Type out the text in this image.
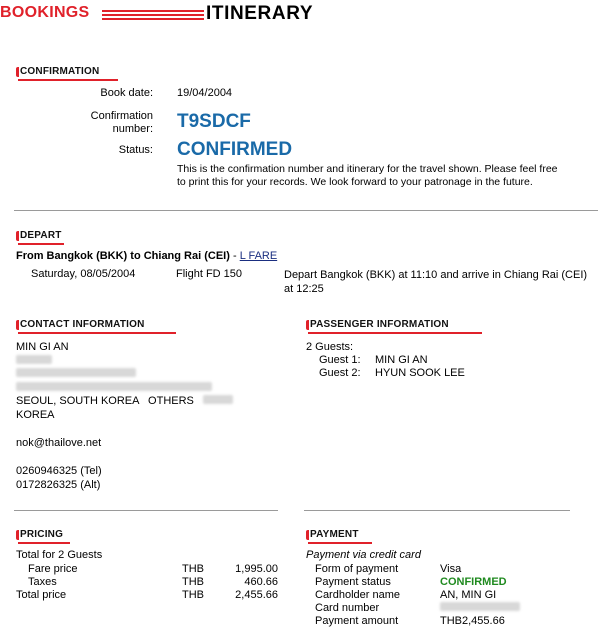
BOOKINGS	ITINERARY
CONFIRMATION
Book date: 19/04/2004
Confirmation
number: T9SDCF
Status: CONFIRMED
This is the confirmation number and itinerary for the travel shown. Please feel free
to print this for your records. We look forward to your patronage in the future.
DEPART
From Bangkok (BKK) to Chiang Rai (CEI) - L FARE
Saturday, 08/05/2004	Flight FD 150	Depart Bangkok (BKK) at 11:10 and arrive in Chiang Rai (CEI)
at 12:25
CONTACT INFORMATION
MIN GI AN
SEOUL, SOUTH KOREA OTHERS
KOREA
nok@thailove.net
0260946325 (Tel)
0172826325 (Alt)
PASSENGER INFORMATION
2 Guests:
Guest 1:	MIN GI AN
Guest 2:	HYUN SOOK LEE
PRICING
Total for 2 Guests
Fare price	THB	1,995.00
Taxes	THB	460.66
Total price	THB	2,455.66
PAYMENT
Payment via credit card
Form of payment	Visa
Payment status	CONFIRMED
Cardholder name	AN, MIN GI
Card number	
Payment amount	THB2,455.66
